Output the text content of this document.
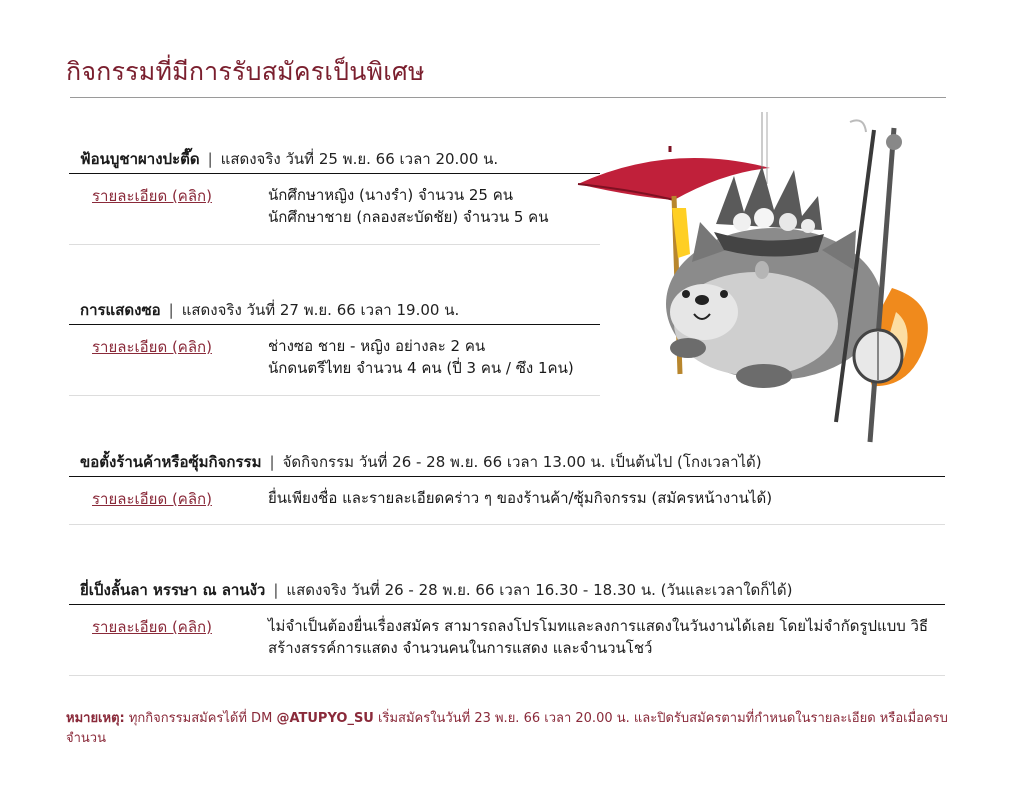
กิจกรรมที่มีการรับสมัครเป็นพิเศษ
ฟ้อนบูชาผางปะตี๊ด | แสดงจริง วันที่ 25 พ.ย. 66 เวลา 20.00 น.
รายละเอียด (คลิก)	นักศึกษาหญิง (นางรำ) จำนวน 25 คน
นักศึกษาชาย (กลองสะบัดชัย) จำนวน 5 คน
การแสดงซอ | แสดงจริง วันที่ 27 พ.ย. 66 เวลา 19.00 น.
รายละเอียด (คลิก)	ช่างซอ ชาย - หญิง อย่างละ 2 คน
นักดนตรีไทย จำนวน 4 คน (ปี่ 3 คน / ซึง 1คน)
ขอตั้งร้านค้าหรือซุ้มกิจกรรม | จัดกิจกรรม วันที่ 26 - 28 พ.ย. 66 เวลา 13.00 น. เป็นต้นไป (โกงเวลาได้)
รายละเอียด (คลิก)	ยื่นเพียงชื่อ และรายละเอียดคร่าว ๆ ของร้านค้า/ซุ้มกิจกรรม (สมัครหน้างานได้)
ยี่เป็งลั้นลา หรรษา ณ ลานงัว | แสดงจริง วันที่ 26 - 28 พ.ย. 66 เวลา 16.30 - 18.30 น. (วันและเวลาใดก็ได้)
รายละเอียด (คลิก)	ไม่จำเป็นต้องยื่นเรื่องสมัคร สามารถลงโปรโมทและลงการแสดงในวันงานได้เลย โดยไม่จำกัดรูปแบบ วิธี
สร้างสรรค์การแสดง จำนวนคนในการแสดง และจำนวนโชว์
หมายเหตุ: ทุกกิจกรรมสมัครได้ที่ DM @ATUPYO_SU เริ่มสมัครในวันที่ 23 พ.ย. 66 เวลา 20.00 น. และปิดรับสมัครตามที่กำหนดในรายละเอียด หรือเมื่อครบจำนวน
